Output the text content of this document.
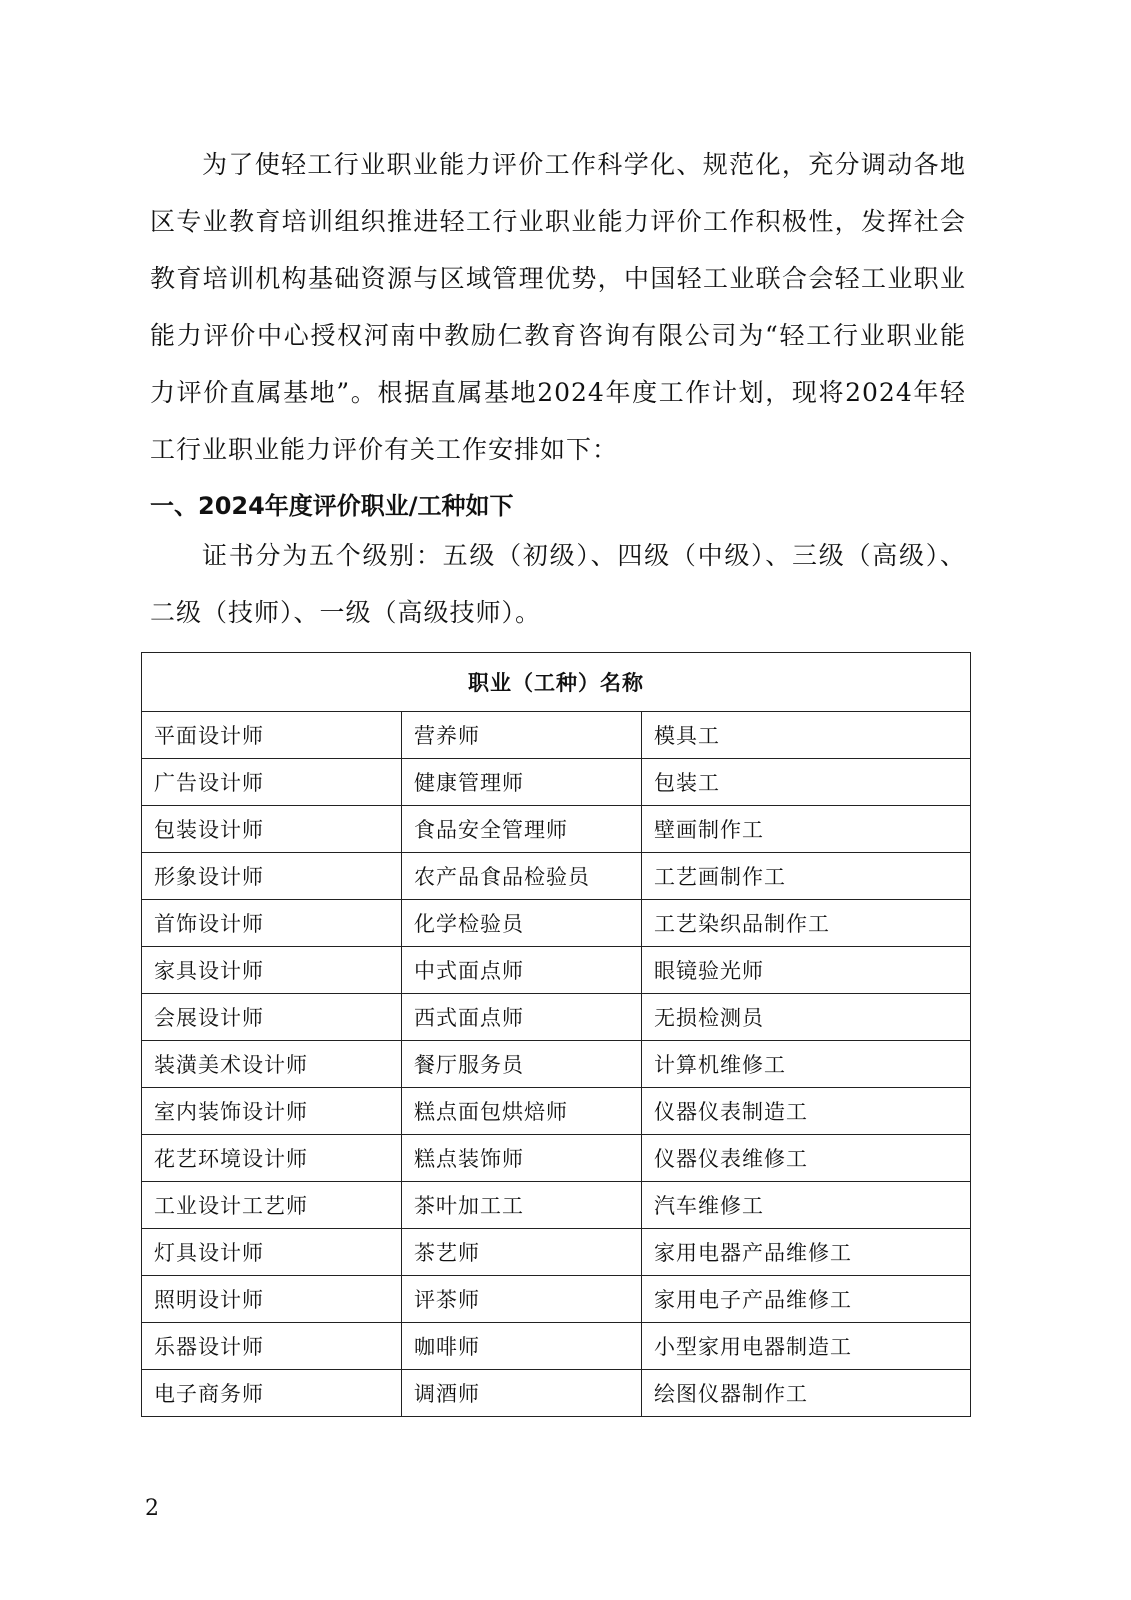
为了使轻工行业职业能力评价工作科学化、规范化，充分调动各地区专业教育培训组织推进轻工行业职业能力评价工作积极性，发挥社会教育培训机构基础资源与区域管理优势，中国轻工业联合会轻工业职业能力评价中心授权河南中教励仁教育咨询有限公司为“轻工行业职业能力评价直属基地”。根据直属基地2024年度工作计划，现将2024年轻工行业职业能力评价有关工作安排如下：

一、2024年度评价职业/工种如下

证书分为五个级别：五级（初级）、四级（中级）、三级（高级）、二级（技师）、一级（高级技师）。

职业（工种）名称		
平面设计师	营养师	模具工
广告设计师	健康管理师	包装工
包装设计师	食品安全管理师	壁画制作工
形象设计师	农产品食品检验员	工艺画制作工
首饰设计师	化学检验员	工艺染织品制作工
家具设计师	中式面点师	眼镜验光师
会展设计师	西式面点师	无损检测员
装潢美术设计师	餐厅服务员	计算机维修工
室内装饰设计师	糕点面包烘焙师	仪器仪表制造工
花艺环境设计师	糕点装饰师	仪器仪表维修工
工业设计工艺师	茶叶加工工	汽车维修工
灯具设计师	茶艺师	家用电器产品维修工
照明设计师	评茶师	家用电子产品维修工
乐器设计师	咖啡师	小型家用电器制造工
电子商务师	调酒师	绘图仪器制作工
2
